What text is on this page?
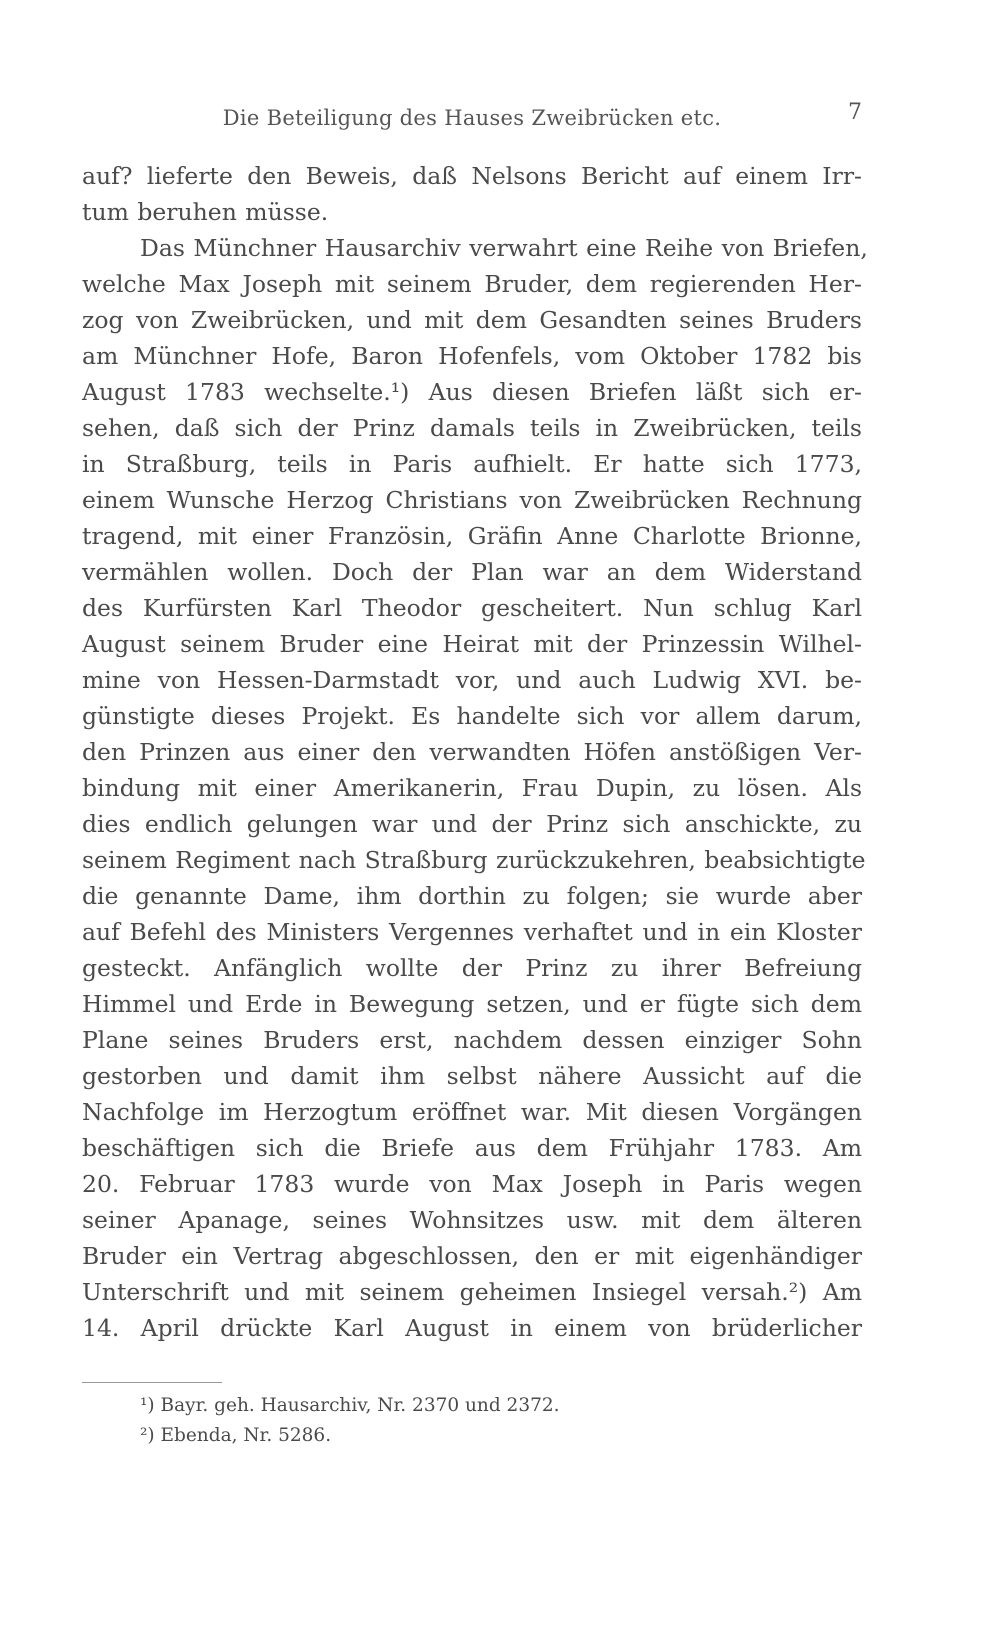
Die Beteiligung des Hauses Zweibrücken etc.	7
auf? lieferte den Beweis, daß Nelsons Bericht auf einem Irr-
tum beruhen müsse.
Das Münchner Hausarchiv verwahrt eine Reihe von Briefen,
welche Max Joseph mit seinem Bruder, dem regierenden Her-
zog von Zweibrücken, und mit dem Gesandten seines Bruders
am Münchner Hofe, Baron Hofenfels, vom Oktober 1782 bis
August 1783 wechselte.¹) Aus diesen Briefen läßt sich er-
sehen, daß sich der Prinz damals teils in Zweibrücken, teils
in Straßburg, teils in Paris aufhielt. Er hatte sich 1773,
einem Wunsche Herzog Christians von Zweibrücken Rechnung
tragend, mit einer Französin, Gräfin Anne Charlotte Brionne,
vermählen wollen. Doch der Plan war an dem Widerstand
des Kurfürsten Karl Theodor gescheitert. Nun schlug Karl
August seinem Bruder eine Heirat mit der Prinzessin Wilhel-
mine von Hessen-Darmstadt vor, und auch Ludwig XVI. be-
günstigte dieses Projekt. Es handelte sich vor allem darum,
den Prinzen aus einer den verwandten Höfen anstößigen Ver-
bindung mit einer Amerikanerin, Frau Dupin, zu lösen. Als
dies endlich gelungen war und der Prinz sich anschickte, zu
seinem Regiment nach Straßburg zurückzukehren, beabsichtigte
die genannte Dame, ihm dorthin zu folgen; sie wurde aber
auf Befehl des Ministers Vergennes verhaftet und in ein Kloster
gesteckt. Anfänglich wollte der Prinz zu ihrer Befreiung
Himmel und Erde in Bewegung setzen, und er fügte sich dem
Plane seines Bruders erst, nachdem dessen einziger Sohn
gestorben und damit ihm selbst nähere Aussicht auf die
Nachfolge im Herzogtum eröffnet war. Mit diesen Vorgängen
beschäftigen sich die Briefe aus dem Frühjahr 1783. Am
20. Februar 1783 wurde von Max Joseph in Paris wegen
seiner Apanage, seines Wohnsitzes usw. mit dem älteren
Bruder ein Vertrag abgeschlossen, den er mit eigenhändiger
Unterschrift und mit seinem geheimen Insiegel versah.²) Am
14. April drückte Karl August in einem von brüderlicher
¹) Bayr. geh. Hausarchiv, Nr. 2370 und 2372.
²) Ebenda, Nr. 5286.
